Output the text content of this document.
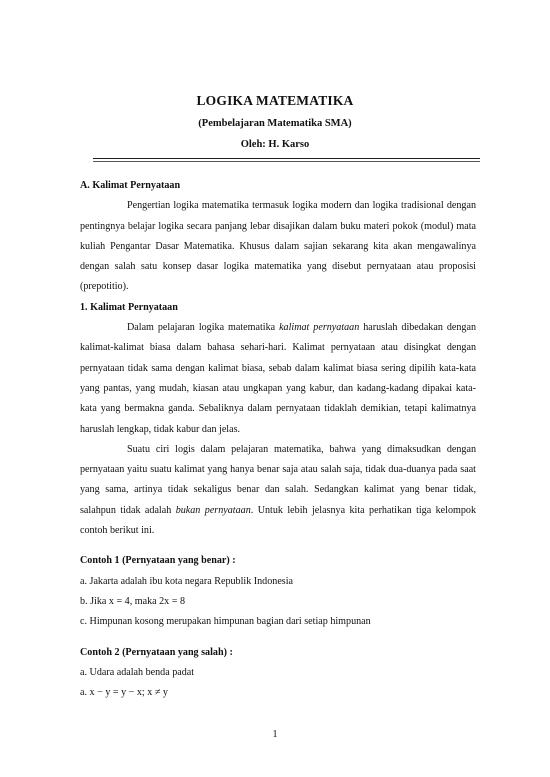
LOGIKA MATEMATIKA
(Pembelajaran Matematika SMA)
Oleh: H. Karso

A. Kalimat Pernyataan

Pengertian logika matematika termasuk logika modern dan logika tradisional dengan pentingnya belajar logika secara panjang lebar disajikan dalam buku materi pokok (modul) mata kuliah Pengantar Dasar Matematika. Khusus dalam sajian sekarang kita akan mengawalinya dengan salah satu konsep dasar logika matematika yang disebut pernyataan atau proposisi (prepotitio).

1. Kalimat Pernyataan

Dalam pelajaran logika matematika kalimat pernyataan haruslah dibedakan dengan kalimat-kalimat biasa dalam bahasa sehari-hari. Kalimat pernyataan atau disingkat dengan pernyataan tidak sama dengan kalimat biasa, sebab dalam kalimat biasa sering dipilih kata-kata yang pantas, yang mudah, kiasan atau ungkapan yang kabur, dan kadang-kadang dipakai kata-kata yang bermakna ganda. Sebaliknya dalam pernyataan tidaklah demikian, tetapi kalimatnya haruslah lengkap, tidak kabur dan jelas.

Suatu ciri logis dalam pelajaran matematika, bahwa yang dimaksudkan dengan pernyataan yaitu suatu kalimat yang hanya benar saja atau salah saja, tidak dua-duanya pada saat yang sama, artinya tidak sekaligus benar dan salah. Sedangkan kalimat yang benar tidak, salahpun tidak adalah bukan pernyataan. Untuk lebih jelasnya kita perhatikan tiga kelompok contoh berikut ini.

Contoh 1 (Pernyataan yang benar) :

a. Jakarta adalah ibu kota negara Republik Indonesia

b. Jika x = 4, maka 2x = 8

c. Himpunan kosong merupakan himpunan bagian dari setiap himpunan

Contoh 2 (Pernyataan yang salah) :

a. Udara adalah benda padat

a. x − y = y − x; x ≠ y

1
